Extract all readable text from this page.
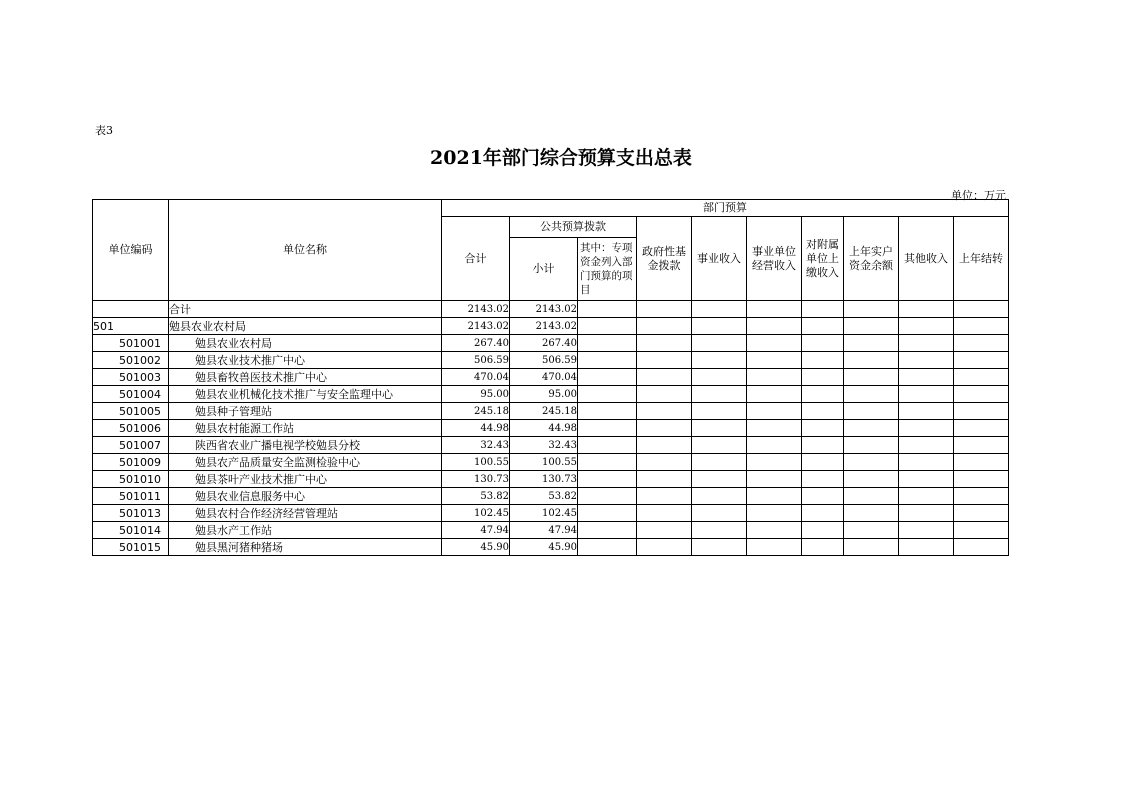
表3
2021年部门综合预算支出总表
单位：万元
单位编码	单位名称	部门预算									
		合计	公共预算拨款		政府性基金拨款	事业收入	事业单位经营收入	对附属单位上缴收入	上年实户资金余额	其他收入	上年结转
			小计	其中：专项资金列入部门预算的项目							
	合计	2143.02	2143.02								
501	勉县农业农村局	2143.02	2143.02								
501001	勉县农业农村局	267.40	267.40								
501002	勉县农业技术推广中心	506.59	506.59								
501003	勉县畜牧兽医技术推广中心	470.04	470.04								
501004	勉县农业机械化技术推广与安全监理中心	95.00	95.00								
501005	勉县种子管理站	245.18	245.18								
501006	勉县农村能源工作站	44.98	44.98								
501007	陕西省农业广播电视学校勉县分校	32.43	32.43								
501009	勉县农产品质量安全监测检验中心	100.55	100.55								
501010	勉县茶叶产业技术推广中心	130.73	130.73								
501011	勉县农业信息服务中心	53.82	53.82								
501013	勉县农村合作经济经营管理站	102.45	102.45								
501014	勉县水产工作站	47.94	47.94								
501015	勉县黑河猪种猪场	45.90	45.90								
